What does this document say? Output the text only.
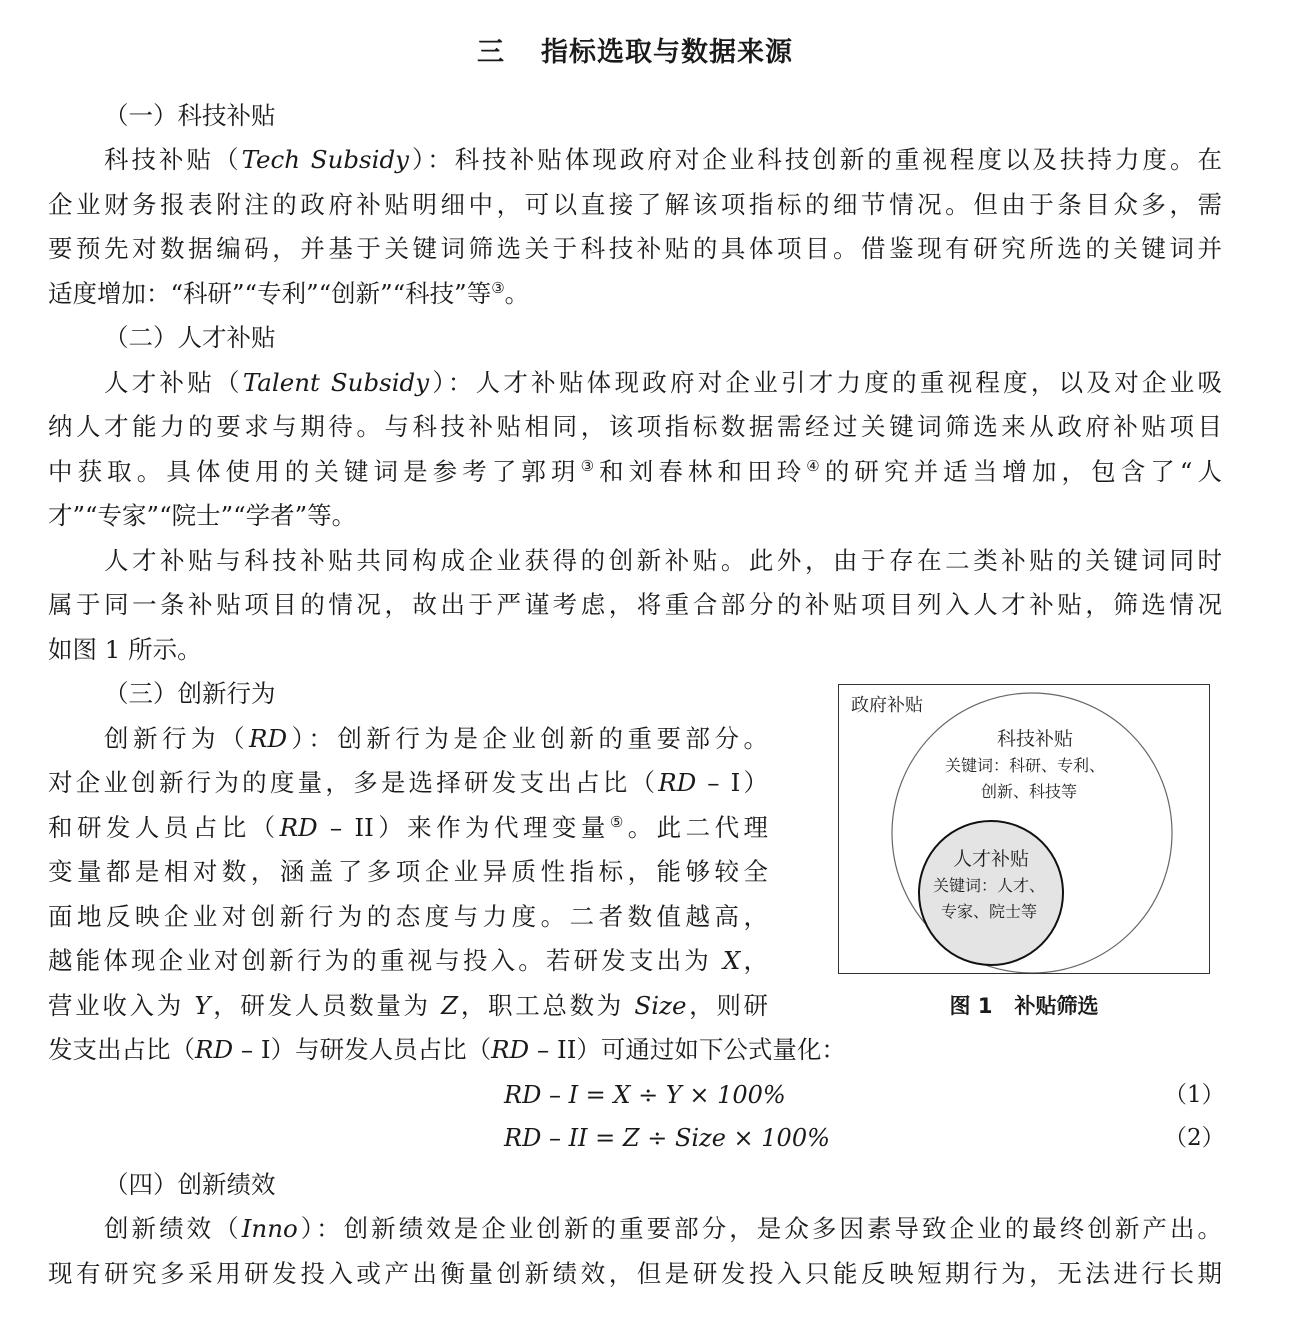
三 指标选取与数据来源
（一）科技补贴
科技补贴（Tech Subsidy）：科技补贴体现政府对企业科技创新的重视程度以及扶持力度。在
企业财务报表附注的政府补贴明细中，可以直接了解该项指标的细节情况。但由于条目众多，需
要预先对数据编码，并基于关键词筛选关于科技补贴的具体项目。借鉴现有研究所选的关键词并
适度增加：“科研”“专利”“创新”“科技”等③。
（二）人才补贴
人才补贴（Talent Subsidy）：人才补贴体现政府对企业引才力度的重视程度，以及对企业吸
纳人才能力的要求与期待。与科技补贴相同，该项指标数据需经过关键词筛选来从政府补贴项目
中获取。具体使用的关键词是参考了郭玥③和刘春林和田玲④的研究并适当增加，包含了“人
才”“专家”“院士”“学者”等。
人才补贴与科技补贴共同构成企业获得的创新补贴。此外，由于存在二类补贴的关键词同时
属于同一条补贴项目的情况，故出于严谨考虑，将重合部分的补贴项目列入人才补贴，筛选情况
如图 1 所示。
（三）创新行为
创新行为（RD）：创新行为是企业创新的重要部分。
对企业创新行为的度量，多是选择研发支出占比（RD – I）
和研发人员占比（RD – II）来作为代理变量⑤。此二代理
变量都是相对数，涵盖了多项企业异质性指标，能够较全
面地反映企业对创新行为的态度与力度。二者数值越高，
越能体现企业对创新行为的重视与投入。若研发支出为 X，
营业收入为 Y，研发人员数量为 Z，职工总数为 Size，则研
发支出占比（RD – I）与研发人员占比（RD – II）可通过如下公式量化：
RD – I = X ÷ Y × 100%	（1）
RD – II = Z ÷ Size × 100%	（2）
（四）创新绩效
创新绩效（Inno）：创新绩效是企业创新的重要部分，是众多因素导致企业的最终创新产出。
现有研究多采用研发投入或产出衡量创新绩效，但是研发投入只能反映短期行为，无法进行长期
政府补贴
科技补贴
关键词：科研、专利、
创新、科技等
人才补贴
关键词：人才、
专家、院士等
图 1 补贴筛选
